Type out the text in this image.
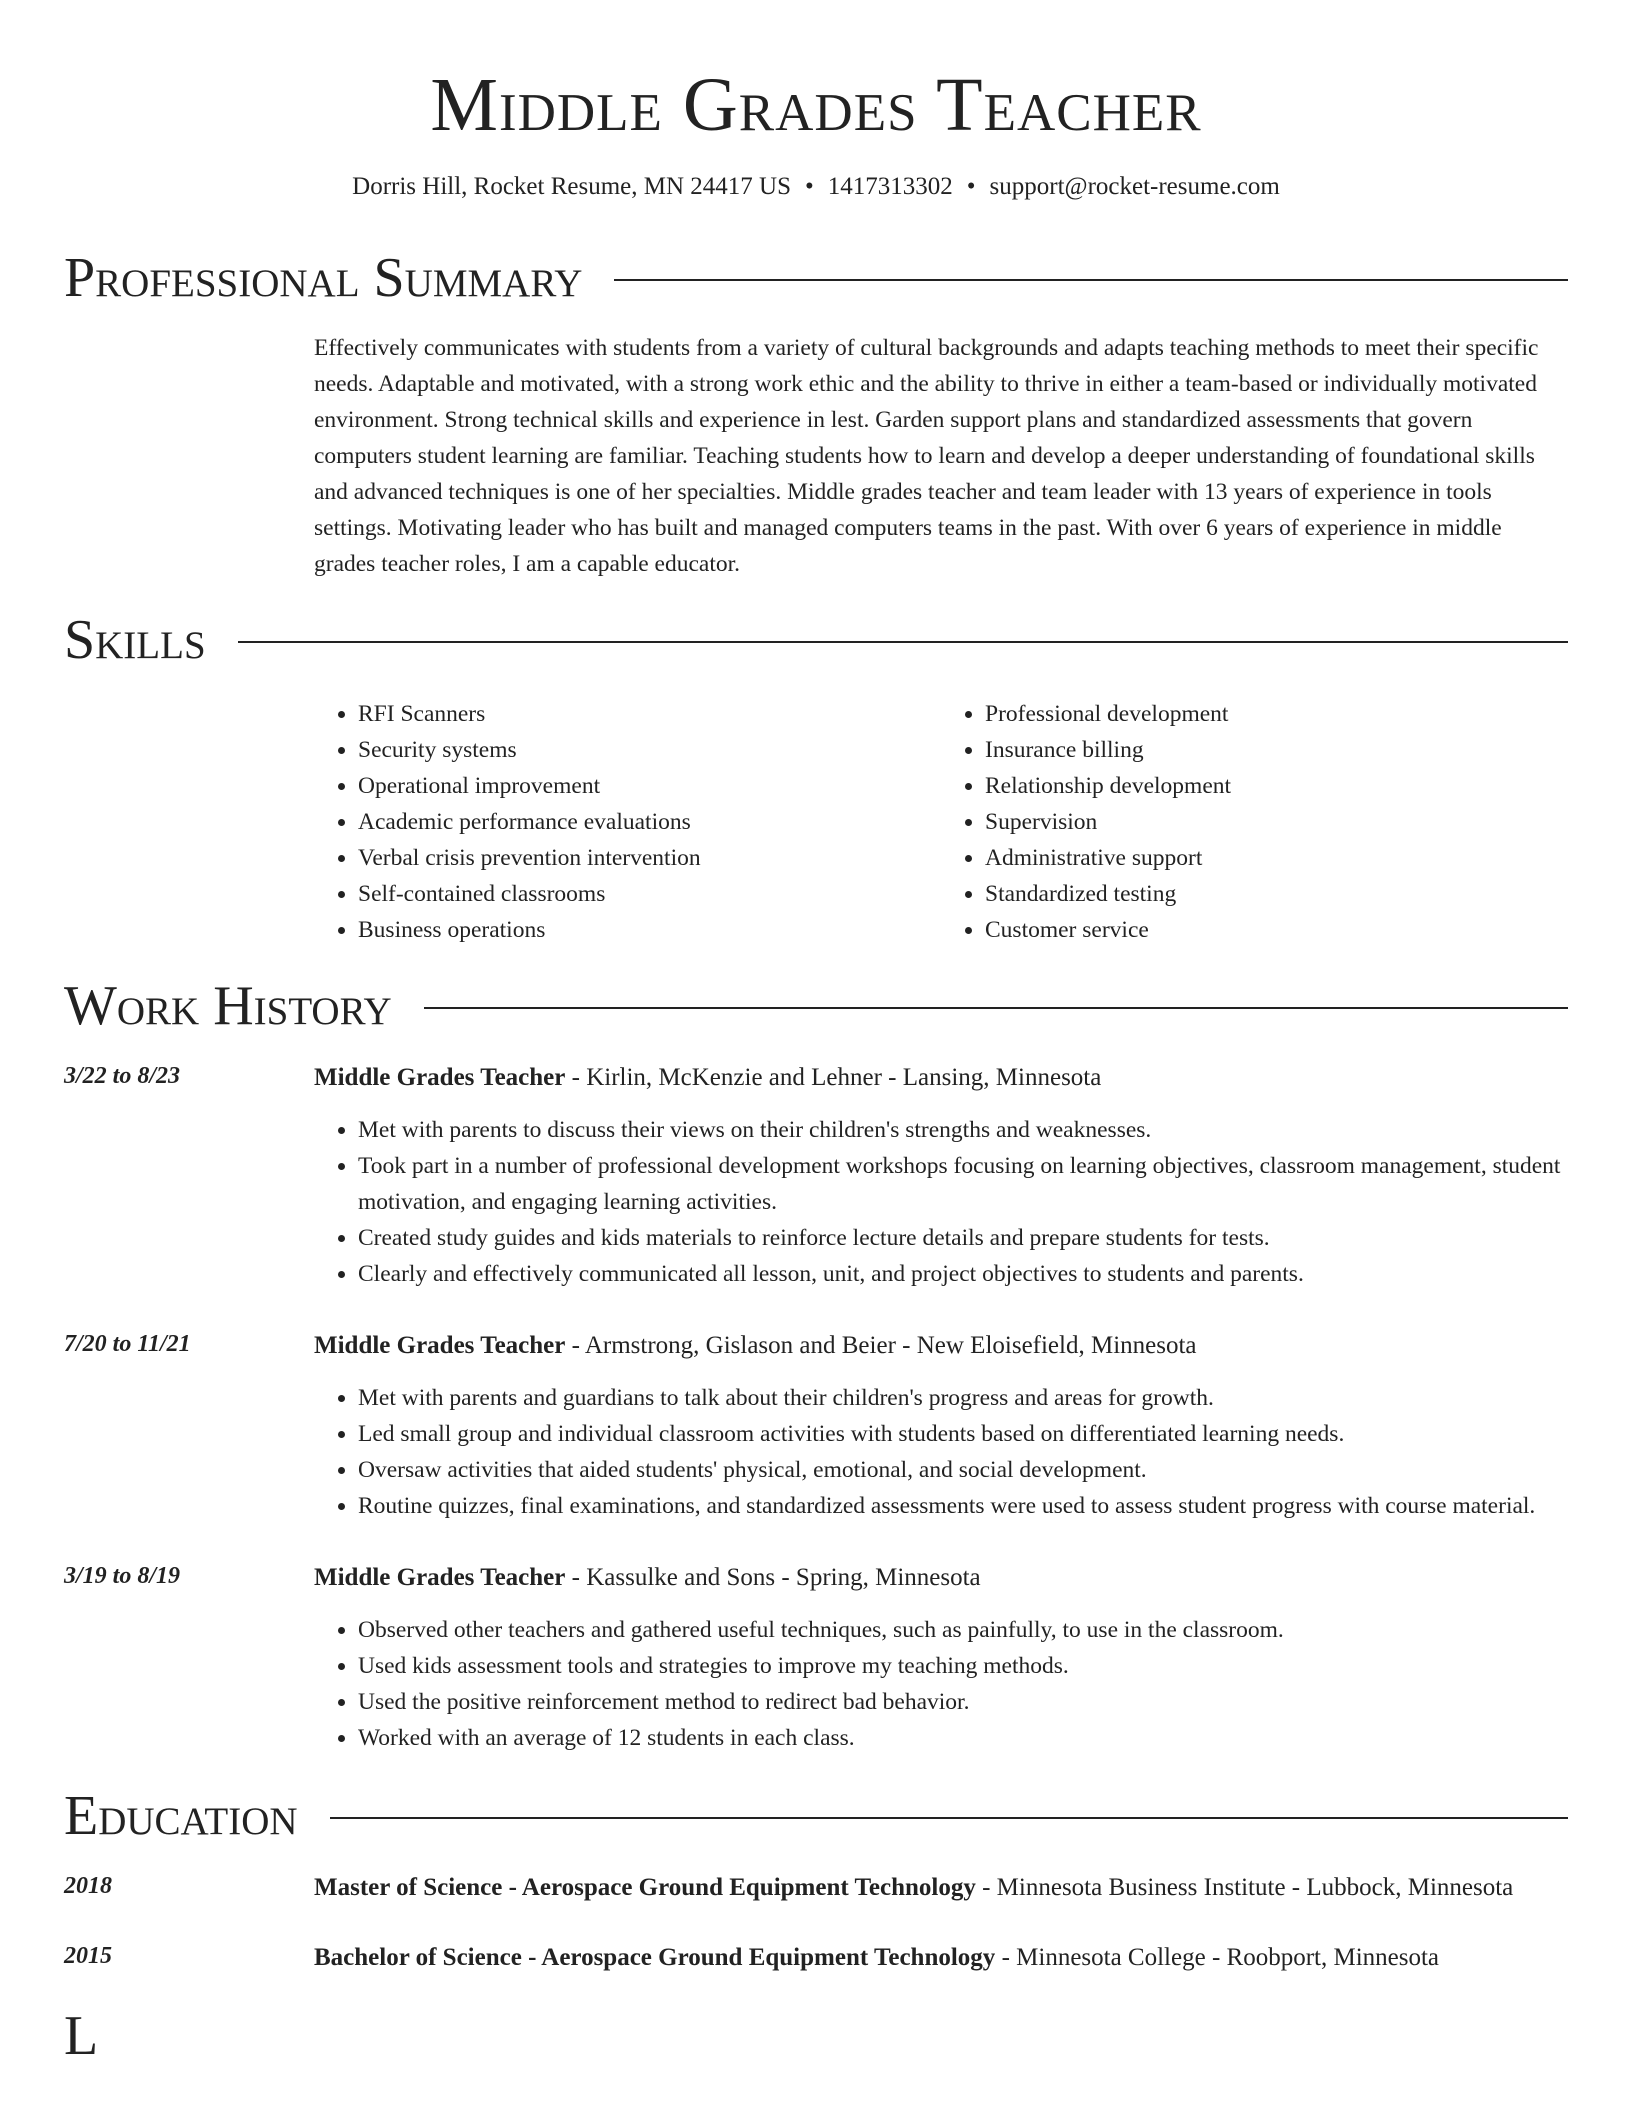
Middle Grades Teacher
Dorris Hill, Rocket Resume, MN 24417 US • 1417313302 • support@rocket-resume.com
Professional Summary
Effectively communicates with students from a variety of cultural backgrounds and adapts teaching methods to meet their specific needs. Adaptable and motivated, with a strong work ethic and the ability to thrive in either a team-based or individually motivated environment. Strong technical skills and experience in lest. Garden support plans and standardized assessments that govern computers student learning are familiar. Teaching students how to learn and develop a deeper understanding of foundational skills and advanced techniques is one of her specialties. Middle grades teacher and team leader with 13 years of experience in tools settings. Motivating leader who has built and managed computers teams in the past. With over 6 years of experience in middle grades teacher roles, I am a capable educator.
Skills
• RFI Scanners
• Security systems
• Operational improvement
• Academic performance evaluations
• Verbal crisis prevention intervention
• Self-contained classrooms
• Business operations
• Professional development
• Insurance billing
• Relationship development
• Supervision
• Administrative support
• Standardized testing
• Customer service
Work History
3/22 to 8/23	Middle Grades Teacher - Kirlin, McKenzie and Lehner - Lansing, Minnesota
• Met with parents to discuss their views on their children's strengths and weaknesses.
• Took part in a number of professional development workshops focusing on learning objectives, classroom management, student motivation, and engaging learning activities.
• Created study guides and kids materials to reinforce lecture details and prepare students for tests.
• Clearly and effectively communicated all lesson, unit, and project objectives to students and parents.
7/20 to 11/21	Middle Grades Teacher - Armstrong, Gislason and Beier - New Eloisefield, Minnesota
• Met with parents and guardians to talk about their children's progress and areas for growth.
• Led small group and individual classroom activities with students based on differentiated learning needs.
• Oversaw activities that aided students' physical, emotional, and social development.
• Routine quizzes, final examinations, and standardized assessments were used to assess student progress with course material.
3/19 to 8/19	Middle Grades Teacher - Kassulke and Sons - Spring, Minnesota
• Observed other teachers and gathered useful techniques, such as painfully, to use in the classroom.
• Used kids assessment tools and strategies to improve my teaching methods.
• Used the positive reinforcement method to redirect bad behavior.
• Worked with an average of 12 students in each class.
Education
2018	Master of Science - Aerospace Ground Equipment Technology - Minnesota Business Institute - Lubbock, Minnesota
2015	Bachelor of Science - Aerospace Ground Equipment Technology - Minnesota College - Roobport, Minnesota
L
